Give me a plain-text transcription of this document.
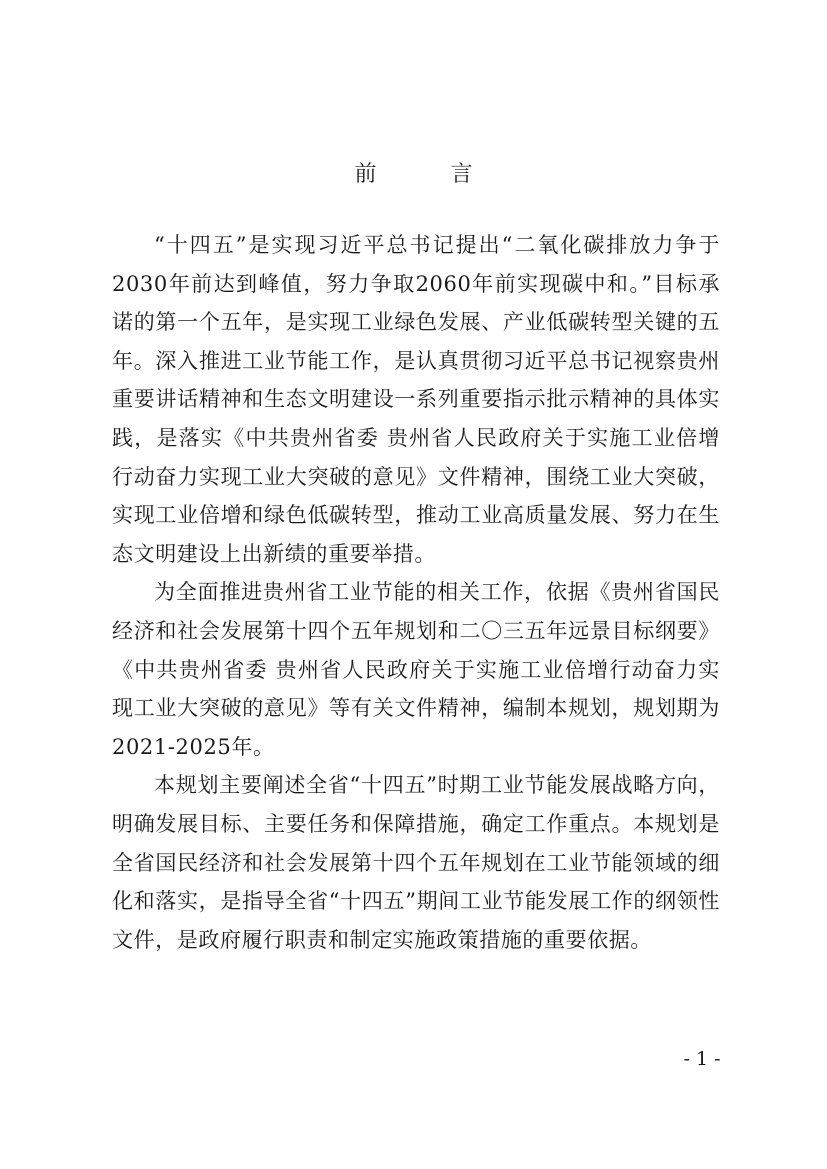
前　言

“十四五”是实现习近平总书记提出“二氧化碳排放力争于2030年前达到峰值，努力争取2060年前实现碳中和。”目标承诺的第一个五年，是实现工业绿色发展、产业低碳转型关键的五年。深入推进工业节能工作，是认真贯彻习近平总书记视察贵州重要讲话精神和生态文明建设一系列重要指示批示精神的具体实践，是落实《中共贵州省委 贵州省人民政府关于实施工业倍增行动奋力实现工业大突破的意见》文件精神，围绕工业大突破，实现工业倍增和绿色低碳转型，推动工业高质量发展、努力在生态文明建设上出新绩的重要举措。

为全面推进贵州省工业节能的相关工作，依据《贵州省国民经济和社会发展第十四个五年规划和二〇三五年远景目标纲要》《中共贵州省委 贵州省人民政府关于实施工业倍增行动奋力实现工业大突破的意见》等有关文件精神，编制本规划，规划期为2021-2025年。

本规划主要阐述全省“十四五”时期工业节能发展战略方向，明确发展目标、主要任务和保障措施，确定工作重点。本规划是全省国民经济和社会发展第十四个五年规划在工业节能领域的细化和落实，是指导全省“十四五”期间工业节能发展工作的纲领性文件，是政府履行职责和制定实施政策措施的重要依据。

- 1 -
